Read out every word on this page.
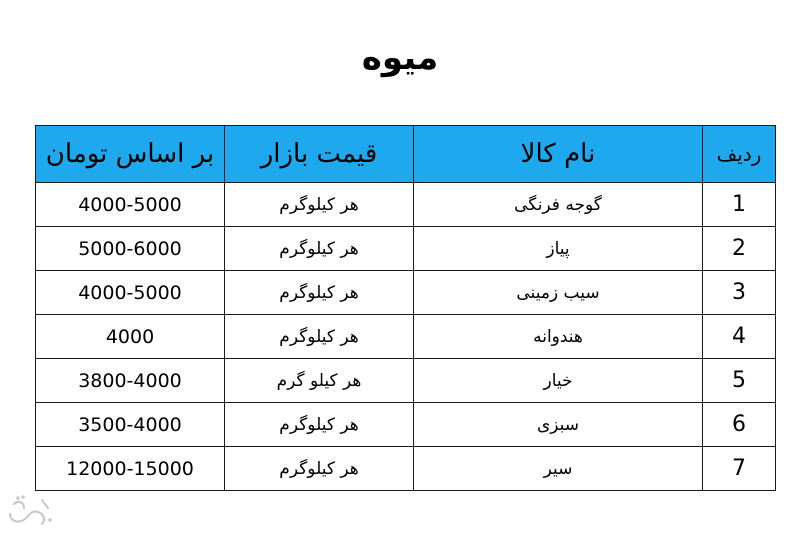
میوه
ردیف	نام کالا	قیمت بازار	بر اساس تومان
1	گوجه فرنگی	هر کیلوگرم	4000-5000
2	پیاز	هر کیلوگرم	5000-6000
3	سیب زمینی	هر کیلوگرم	4000-5000
4	هندوانه	هر کیلوگرم	4000
5	خیار	هر کیلو گرم	3800-4000
6	سبزی	هر کیلوگرم	3500-4000
7	سیر	هر کیلوگرم	12000-15000
